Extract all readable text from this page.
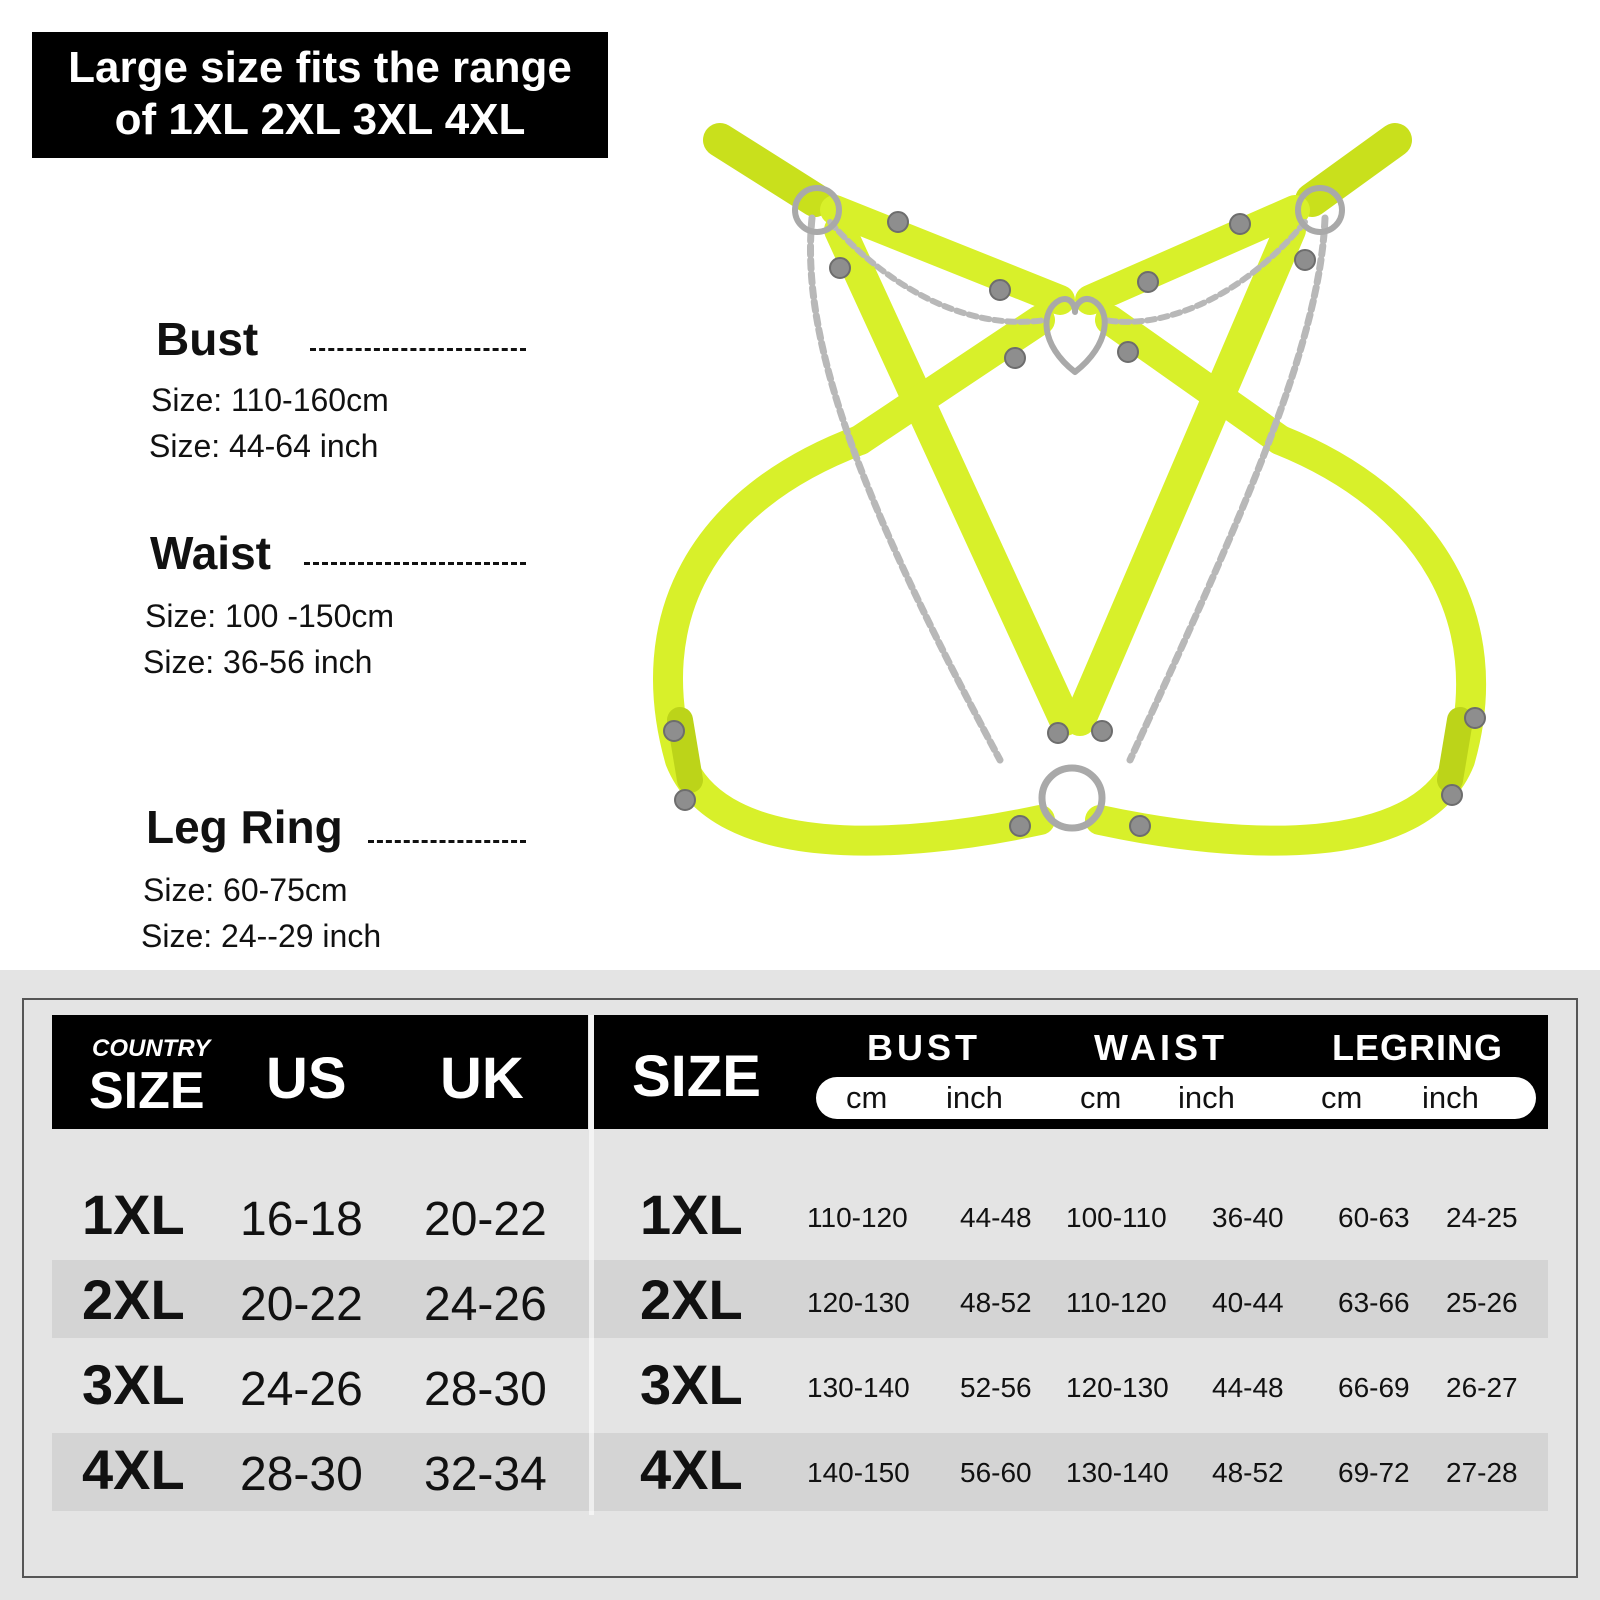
Large size fits the range
of 1XL 2XL 3XL 4XL
Bust
Size: 110-160cm
Size: 44-64 inch
Waist
Size: 100 -150cm
Size: 36-56 inch
Leg Ring
Size: 60-75cm
Size: 24--29 inch
COUNTRY
SIZE US UK SIZE	BUST	WAIST	LEGRING
cm inch cm inch	cm inch
1XL 16-18 20-22 1XL 110-120 44-48 100-110 36-40 60-63 24-25
2XL 20-22 24-26 2XL 120-130 48-52 110-120 40-44 63-66 25-26
3XL 24-26 28-30 3XL 130-140 52-56 120-130 44-48 66-69 26-27
4XL 28-30 32-34 4XL 140-150 56-60 130-140 48-52 69-72 27-28
